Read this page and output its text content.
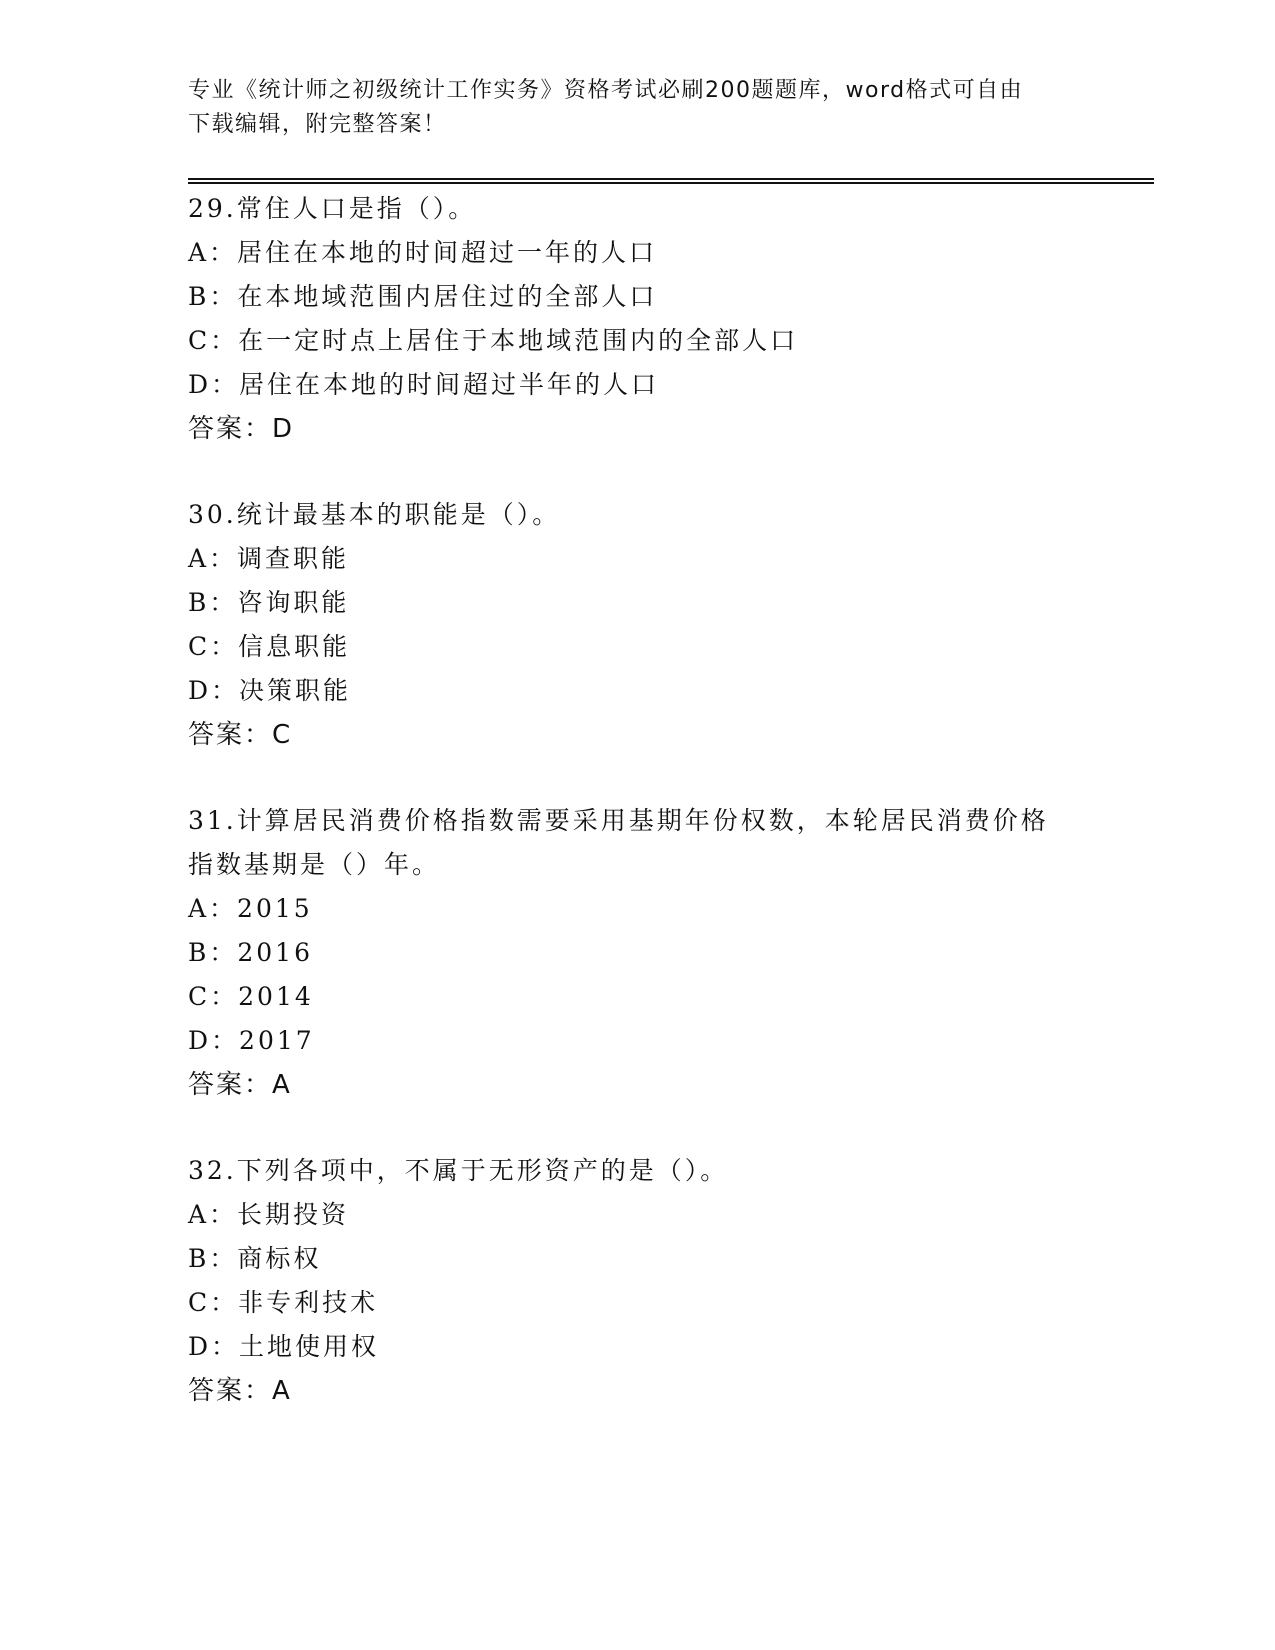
专业《统计师之初级统计工作实务》资格考试必刷200题题库，word格式可自由
下载编辑，附完整答案！
29.常住人口是指（）。
A：居住在本地的时间超过一年的人口
B：在本地域范围内居住过的全部人口
C：在一定时点上居住于本地域范围内的全部人口
D：居住在本地的时间超过半年的人口
答案：D
30.统计最基本的职能是（）。
A：调查职能
B：咨询职能
C：信息职能
D：决策职能
答案：C
31.计算居民消费价格指数需要采用基期年份权数，本轮居民消费价格
指数基期是（）年。
A：2015
B：2016
C：2014
D：2017
答案：A
32.下列各项中，不属于无形资产的是（）。
A：长期投资
B：商标权
C：非专利技术
D：土地使用权
答案：A
